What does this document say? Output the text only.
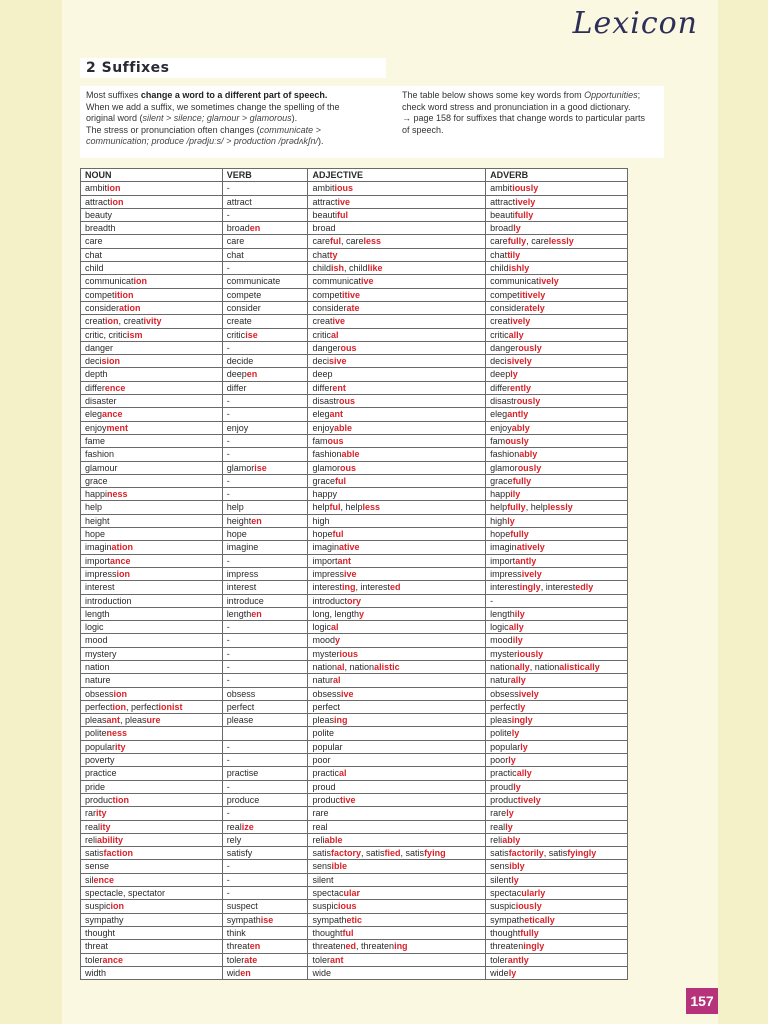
Lexicon
2 Suffixes
Most suffixes change a word to a different part of speech.
When we add a suffix, we sometimes change the spelling of the
original word (silent > silence; glamour > glamorous).
The stress or pronunciation often changes (communicate > communication; produce /prədjuːs/ > production /prədʌkʃn/).
The table below shows some key words from Opportunities;
check word stress and pronunciation in a good dictionary.
→ page 158 for suffixes that change words to particular parts
of speech.
NOUN	VERB	ADJECTIVE	ADVERB
ambition	-	ambitious	ambitiously
attraction	attract	attractive	attractively
beauty	-	beautiful	beautifully
breadth	broaden	broad	broadly
care	care	careful, careless	carefully, carelessly
chat	chat	chatty	chattily
child	-	childish, childlike	childishly
communication	communicate	communicative	communicatively
competition	compete	competitive	competitively
consideration	consider	considerate	considerately
creation, creativity	create	creative	creatively
critic, criticism	criticise	critical	critically
danger	-	dangerous	dangerously
decision	decide	decisive	decisively
depth	deepen	deep	deeply
difference	differ	different	differently
disaster	-	disastrous	disastrously
elegance	-	elegant	elegantly
enjoyment	enjoy	enjoyable	enjoyably
fame	-	famous	famously
fashion	-	fashionable	fashionably
glamour	glamorise	glamorous	glamorously
grace	-	graceful	gracefully
happiness	-	happy	happily
help	help	helpful, helpless	helpfully, helplessly
height	heighten	high	highly
hope	hope	hopeful	hopefully
imagination	imagine	imaginative	imaginatively
importance	-	important	importantly
impression	impress	impressive	impressively
interest	interest	interesting, interested	interestingly, interestedly
introduction	introduce	introductory	-
length	lengthen	long, lengthy	lengthily
logic	-	logical	logically
mood	-	moody	moodily
mystery	-	mysterious	mysteriously
nation	-	national, nationalistic	nationally, nationalistically
nature	-	natural	naturally
obsession	obsess	obsessive	obsessively
perfection, perfectionist	perfect	perfect	perfectly
pleasant, pleasure	please	pleasing	pleasingly
politeness		polite	politely
popularity	-	popular	popularly
poverty	-	poor	poorly
practice	practise	practical	practically
pride	-	proud	proudly
production	produce	productive	productively
rarity	-	rare	rarely
reality	realize	real	really
reliability	rely	reliable	reliably
satisfaction	satisfy	satisfactory, satisfied, satisfying	satisfactorily, satisfyingly
sense	-	sensible	sensibly
silence	-	silent	silently
spectacle, spectator	-	spectacular	spectacularly
suspicion	suspect	suspicious	suspiciously
sympathy	sympathise	sympathetic	sympathetically
thought	think	thoughtful	thoughtfully
threat	threaten	threatened, threatening	threateningly
tolerance	tolerate	tolerant	tolerantly
width	widen	wide	widely
157
